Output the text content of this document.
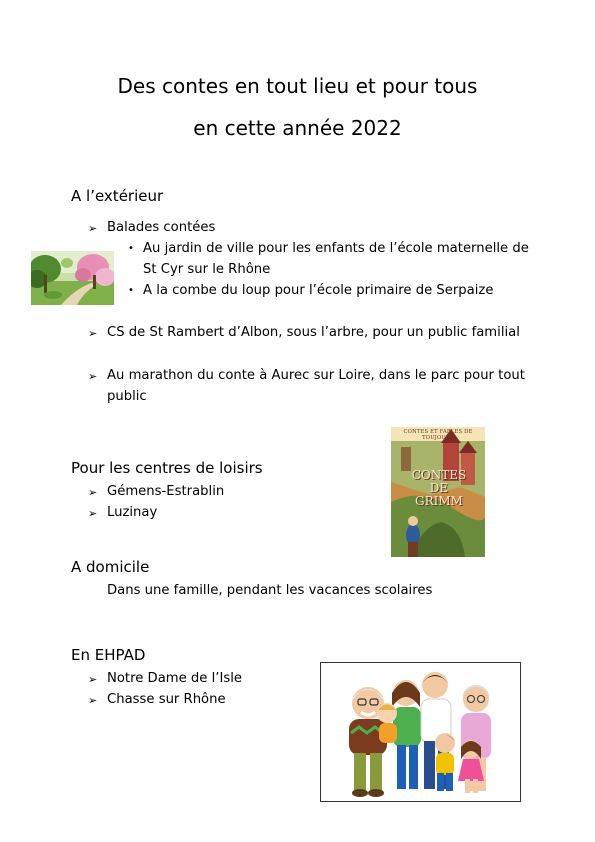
Des contes en tout lieu et pour tous
en cette année 2022
A l’extérieur
➢ Balades contées
• Au jardin de ville pour les enfants de l’école maternelle de
St Cyr sur le Rhône
• A la combe du loup pour l’école primaire de Serpaize
➢ CS de St Rambert d’Albon, sous l’arbre, pour un public familial
➢ Au marathon du conte à Aurec sur Loire, dans le parc pour tout
public
CONTES ET FABLES DE TOUJOURS
CONTES
DE
GRIMM
Pour les centres de loisirs
➢ Gémens-Estrablin
➢ Luzinay
A domicile
Dans une famille, pendant les vacances scolaires
En EHPAD
➢ Notre Dame de l’Isle
➢ Chasse sur Rhône
